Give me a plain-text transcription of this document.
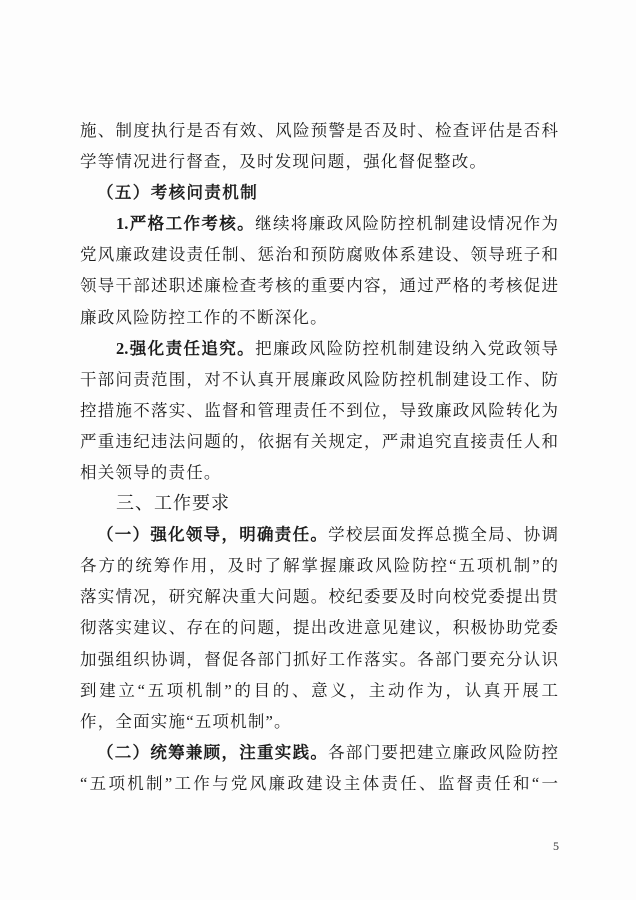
施、制度执行是否有效、风险预警是否及时、检查评估是否科
学等情况进行督查，及时发现问题，强化督促整改。
（五）考核问责机制
1.严格工作考核。继续将廉政风险防控机制建设情况作为
党风廉政建设责任制、惩治和预防腐败体系建设、领导班子和
领导干部述职述廉检查考核的重要内容，通过严格的考核促进
廉政风险防控工作的不断深化。
2.强化责任追究。把廉政风险防控机制建设纳入党政领导
干部问责范围，对不认真开展廉政风险防控机制建设工作、防
控措施不落实、监督和管理责任不到位，导致廉政风险转化为
严重违纪违法问题的，依据有关规定，严肃追究直接责任人和
相关领导的责任。
三、工作要求
（一）强化领导，明确责任。学校层面发挥总揽全局、协调
各方的统筹作用，及时了解掌握廉政风险防控“五项机制”的
落实情况，研究解决重大问题。校纪委要及时向校党委提出贯
彻落实建议、存在的问题，提出改进意见建议，积极协助党委
加强组织协调，督促各部门抓好工作落实。各部门要充分认识
到建立“五项机制”的目的、意义，主动作为，认真开展工
作，全面实施“五项机制”。
（二）统筹兼顾，注重实践。各部门要把建立廉政风险防控
“五项机制”工作与党风廉政建设主体责任、监督责任和“一
5
